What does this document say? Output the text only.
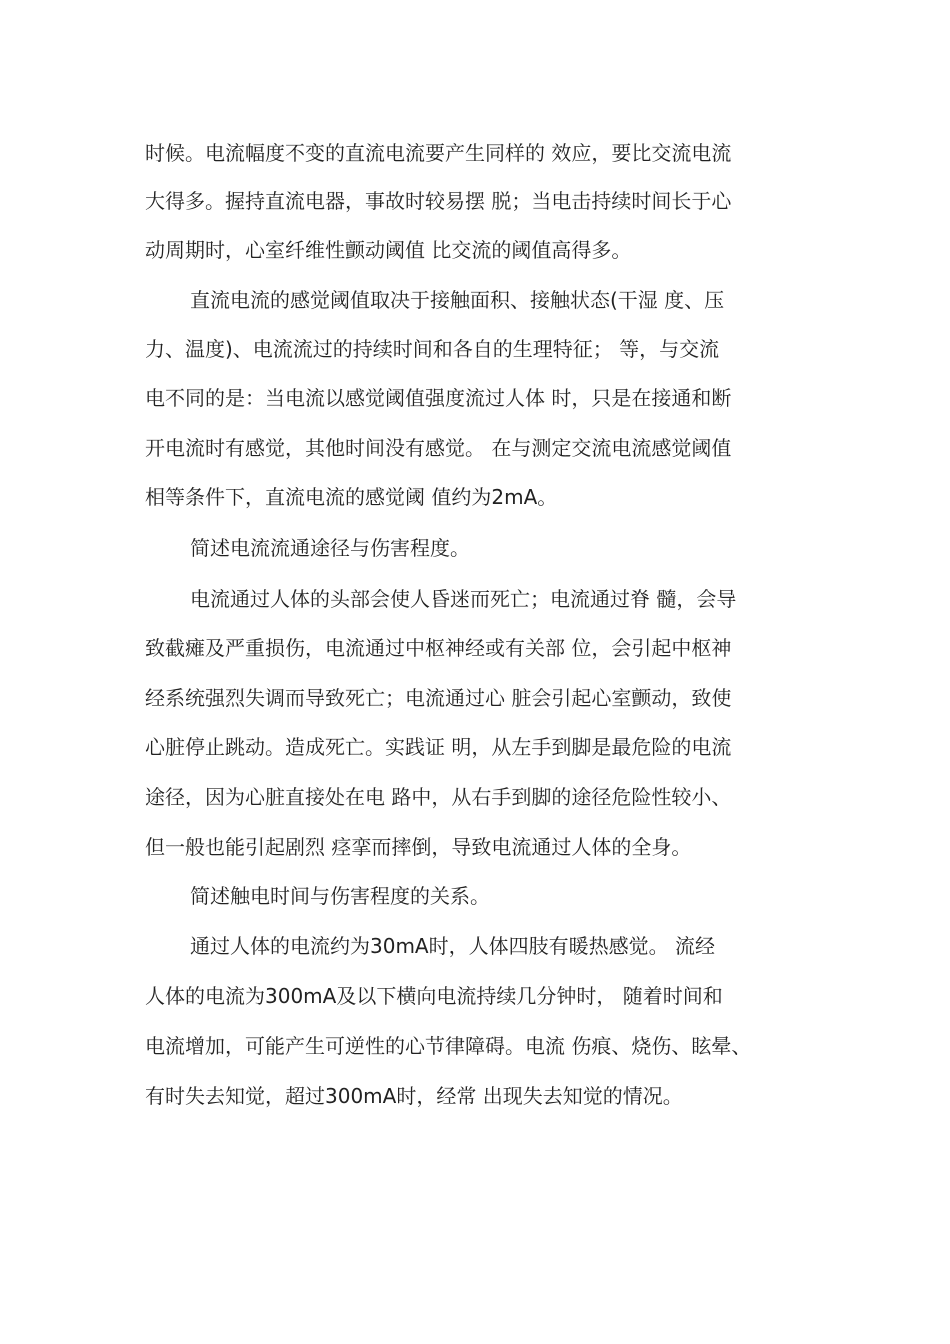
时候。电流幅度不变的直流电流要产生同样的 效应，要比交流电流

大得多。握持直流电器，事故时较易摆 脱；当电击持续时间长于心

动周期时，心室纤维性颤动阈值 比交流的阈值高得多。

直流电流的感觉阈值取决于接触面积、接触状态(干湿 度、压

力、温度)、电流流过的持续时间和各自的生理特征； 等，与交流

电不同的是：当电流以感觉阈值强度流过人体 时，只是在接通和断

开电流时有感觉，其他时间没有感觉。 在与测定交流电流感觉阈值

相等条件下，直流电流的感觉阈 值约为2mA。

简述电流流通途径与伤害程度。

电流通过人体的头部会使人昏迷而死亡；电流通过脊 髓，会导

致截瘫及严重损伤，电流通过中枢神经或有关部 位，会引起中枢神

经系统强烈失调而导致死亡；电流通过心 脏会引起心室颤动，致使

心脏停止跳动。造成死亡。实践证 明，从左手到脚是最危险的电流

途径，因为心脏直接处在电 路中，从右手到脚的途径危险性较小、

但一般也能引起剧烈 痉挛而摔倒，导致电流通过人体的全身。

简述触电时间与伤害程度的关系。

通过人体的电流约为30mA时，人体四肢有暖热感觉。 流经

人体的电流为300mA及以下横向电流持续几分钟时， 随着时间和

电流增加，可能产生可逆性的心节律障碍。电流 伤痕、烧伤、眩晕、

有时失去知觉，超过300mA时，经常 出现失去知觉的情况。
